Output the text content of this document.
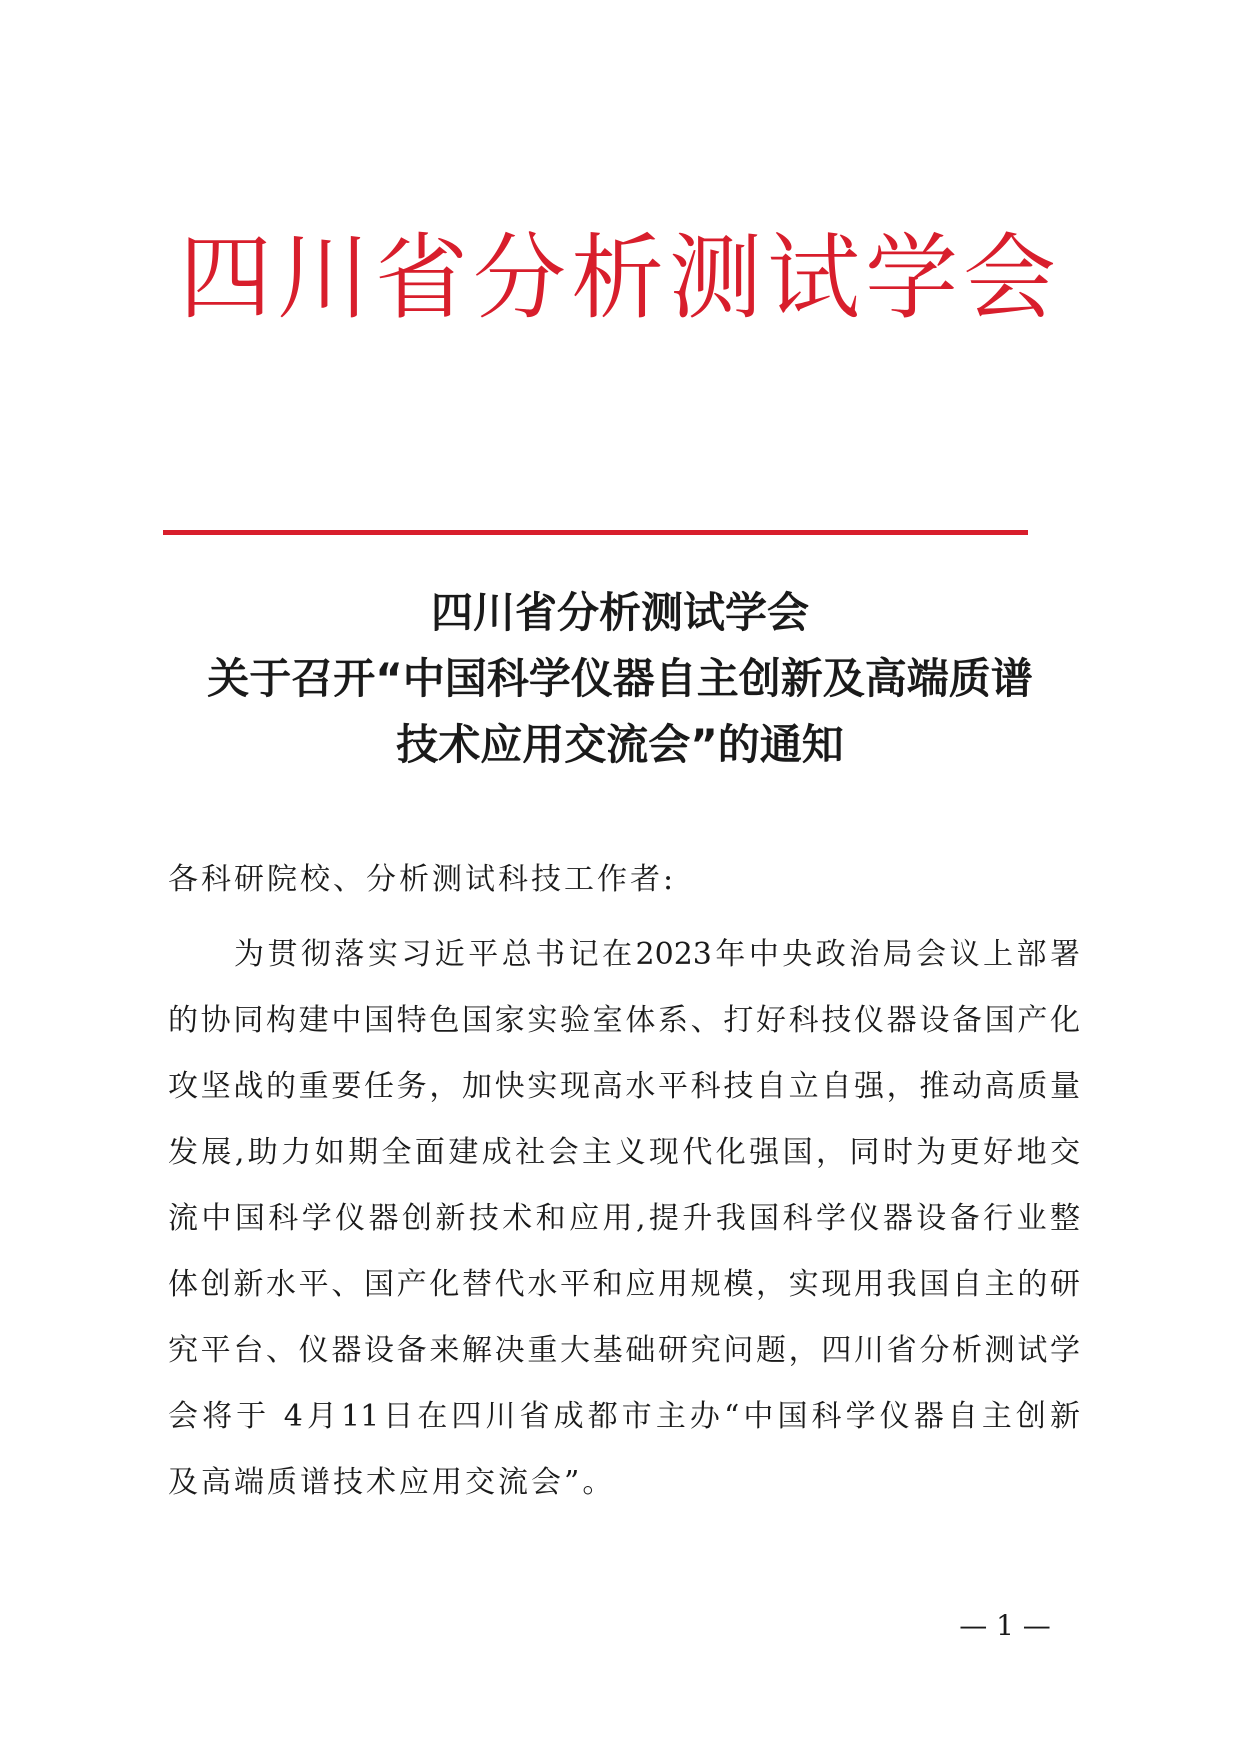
四川省分析测试学会
四川省分析测试学会
关于召开“中国科学仪器自主创新及高端质谱
技术应用交流会”的通知

各科研院校、分析测试科技工作者:

为贯彻落实习近平总书记在2023年中央政治局会议上部署
的协同构建中国特色国家实验室体系、打好科技仪器设备国产化
攻坚战的重要任务，加快实现高水平科技自立自强，推动高质量
发展,助力如期全面建成社会主义现代化强国，同时为更好地交
流中国科学仪器创新技术和应用,提升我国科学仪器设备行业整
体创新水平、国产化替代水平和应用规模，实现用我国自主的研
究平台、仪器设备来解决重大基础研究问题，四川省分析测试学
会将于 4月11日在四川省成都市主办“中国科学仪器自主创新
及高端质谱技术应用交流会”。
— 1 —
